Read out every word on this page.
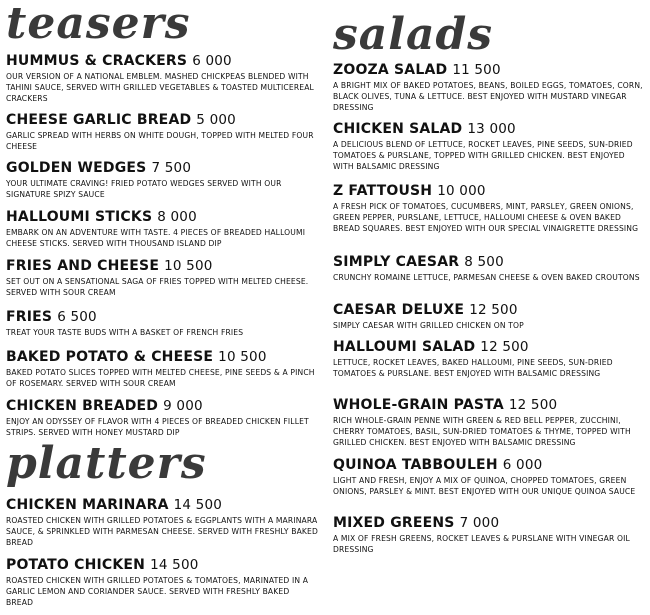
teasers
HUMMUS & CRACKERS 6 000
OUR VERSION OF A NATIONAL EMBLEM. MASHED CHICKPEAS BLENDED WITH TAHINI SAUCE, SERVED WITH GRILLED VEGETABLES & TOASTED MULTICEREAL CRACKERS
CHEESE GARLIC BREAD 5 000
GARLIC SPREAD WITH HERBS ON WHITE DOUGH, TOPPED WITH MELTED FOUR CHEESE
GOLDEN WEDGES 7 500
YOUR ULTIMATE CRAVING! FRIED POTATO WEDGES SERVED WITH OUR SIGNATURE SPIZY SAUCE
HALLOUMI STICKS 8 000
EMBARK ON AN ADVENTURE WITH TASTE. 4 PIECES OF BREADED HALLOUMI CHEESE STICKS. SERVED WITH THOUSAND ISLAND DIP
FRIES AND CHEESE 10 500
SET OUT ON A SENSATIONAL SAGA OF FRIES TOPPED WITH MELTED CHEESE. SERVED WITH SOUR CREAM
FRIES 6 500
TREAT YOUR TASTE BUDS WITH A BASKET OF FRENCH FRIES
BAKED POTATO & CHEESE 10 500
BAKED POTATO SLICES TOPPED WITH MELTED CHEESE, PINE SEEDS & A PINCH OF ROSEMARY. SERVED WITH SOUR CREAM
CHICKEN BREADED 9 000
ENJOY AN ODYSSEY OF FLAVOR WITH 4 PIECES OF BREADED CHICKEN FILLET STRIPS. SERVED WITH HONEY MUSTARD DIP
platters
CHICKEN MARINARA 14 500
ROASTED CHICKEN WITH GRILLED POTATOES & EGGPLANTS WITH A MARINARA SAUCE, & SPRINKLED WITH PARMESAN CHEESE. SERVED WITH FRESHLY BAKED BREAD
POTATO CHICKEN 14 500
ROASTED CHICKEN WITH GRILLED POTATOES & TOMATOES, MARINATED IN A GARLIC LEMON AND CORIANDER SAUCE. SERVED WITH FRESHLY BAKED BREAD
salads
ZOOZA SALAD 11 500
A BRIGHT MIX OF BAKED POTATOES, BEANS, BOILED EGGS, TOMATOES, CORN, BLACK OLIVES, TUNA & LETTUCE. BEST ENJOYED WITH MUSTARD VINEGAR DRESSING
CHICKEN SALAD 13 000
A DELICIOUS BLEND OF LETTUCE, ROCKET LEAVES, PINE SEEDS, SUN-DRIED TOMATOES & PURSLANE, TOPPED WITH GRILLED CHICKEN. BEST ENJOYED WITH BALSAMIC DRESSING
Z FATTOUSH 10 000
A FRESH PICK OF TOMATOES, CUCUMBERS, MINT, PARSLEY, GREEN ONIONS, GREEN PEPPER, PURSLANE, LETTUCE, HALLOUMI CHEESE & OVEN BAKED BREAD SQUARES. BEST ENJOYED WITH OUR SPECIAL VINAIGRETTE DRESSING
SIMPLY CAESAR 8 500
CRUNCHY ROMAINE LETTUCE, PARMESAN CHEESE & OVEN BAKED CROUTONS
CAESAR DELUXE 12 500
SIMPLY CAESAR WITH GRILLED CHICKEN ON TOP
HALLOUMI SALAD 12 500
LETTUCE, ROCKET LEAVES, BAKED HALLOUMI, PINE SEEDS, SUN-DRIED TOMATOES & PURSLANE. BEST ENJOYED WITH BALSAMIC DRESSING
WHOLE-GRAIN PASTA 12 500
RICH WHOLE-GRAIN PENNE WITH GREEN & RED BELL PEPPER, ZUCCHINI, CHERRY TOMATOES, BASIL, SUN-DRIED TOMATOES & THYME, TOPPED WITH GRILLED CHICKEN. BEST ENJOYED WITH BALSAMIC DRESSING
QUINOA TABBOULEH 6 000
LIGHT AND FRESH, ENJOY A MIX OF QUINOA, CHOPPED TOMATOES, GREEN ONIONS, PARSLEY & MINT. BEST ENJOYED WITH OUR UNIQUE QUINOA SAUCE
MIXED GREENS 7 000
A MIX OF FRESH GREENS, ROCKET LEAVES & PURSLANE WITH VINEGAR OIL DRESSING
